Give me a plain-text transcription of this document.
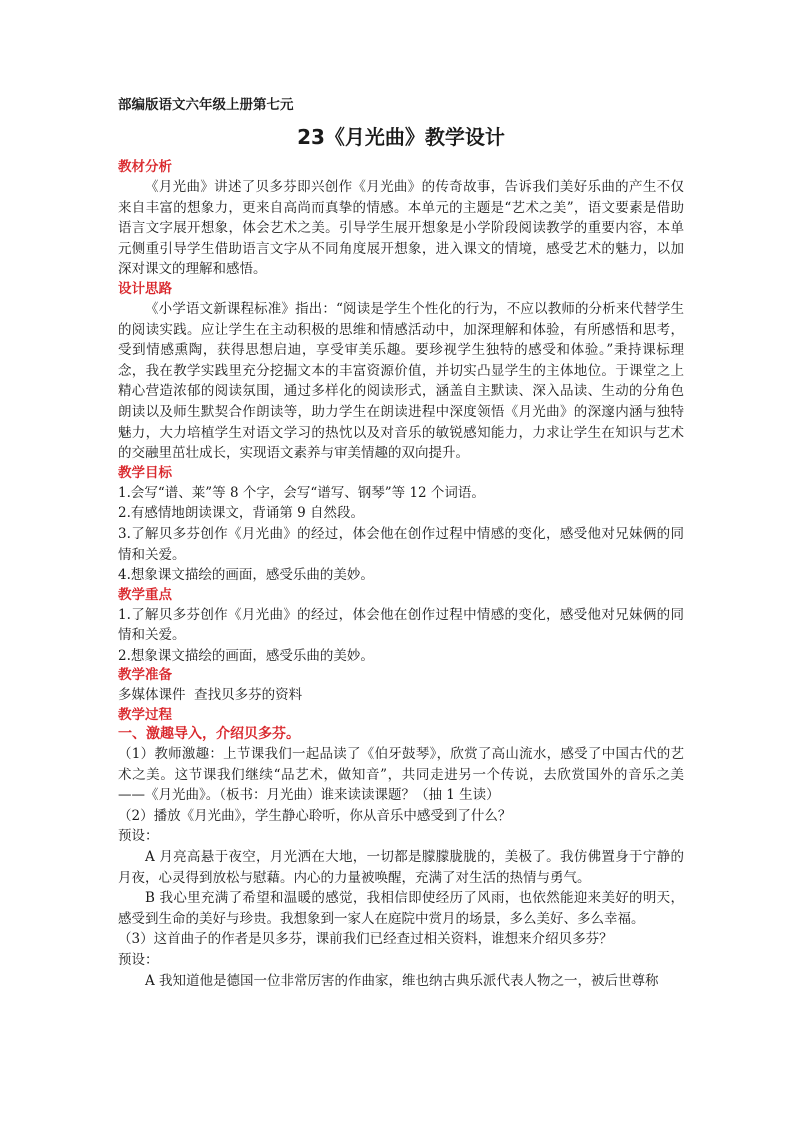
部编版语文六年级上册第七元
23《月光曲》教学设计
教材分析

《月光曲》讲述了贝多芬即兴创作《月光曲》的传奇故事，告诉我们美好乐曲的产生不仅来自丰富的想象力，更来自高尚而真挚的情感。本单元的主题是“艺术之美”，语文要素是借助语言文字展开想象，体会艺术之美。引导学生展开想象是小学阶段阅读教学的重要内容，本单元侧重引导学生借助语言文字从不同角度展开想象，进入课文的情境，感受艺术的魅力，以加深对课文的理解和感悟。

设计思路

《小学语文新课程标准》指出：“阅读是学生个性化的行为，不应以教师的分析来代替学生的阅读实践。应让学生在主动积极的思维和情感活动中，加深理解和体验，有所感悟和思考，受到情感熏陶，获得思想启迪，享受审美乐趣。要珍视学生独特的感受和体验。”秉持课标理念，我在教学实践里充分挖掘文本的丰富资源价值，并切实凸显学生的主体地位。于课堂之上精心营造浓郁的阅读氛围，通过多样化的阅读形式，涵盖自主默读、深入品读、生动的分角色朗读以及师生默契合作朗读等，助力学生在朗读进程中深度领悟《月光曲》的深邃内涵与独特魅力，大力培植学生对语文学习的热忱以及对音乐的敏锐感知能力，力求让学生在知识与艺术的交融里茁壮成长，实现语文素养与审美情趣的双向提升。

教学目标

1.会写“谱、莱”等 8 个字，会写“谱写、钢琴”等 12 个词语。

2.有感情地朗读课文，背诵第 9 自然段。

3.了解贝多芬创作《月光曲》的经过，体会他在创作过程中情感的变化，感受他对兄妹俩的同情和关爱。

4.想象课文描绘的画面，感受乐曲的美妙。

教学重点

1.了解贝多芬创作《月光曲》的经过，体会他在创作过程中情感的变化，感受他对兄妹俩的同情和关爱。

2.想象课文描绘的画面，感受乐曲的美妙。

教学准备

多媒体课件  查找贝多芬的资料

教学过程
一、激趣导入，介绍贝多芬。

（1）教师激趣：上节课我们一起品读了《伯牙鼓琴》，欣赏了高山流水，感受了中国古代的艺术之美。这节课我们继续“品艺术，做知音”，共同走进另一个传说，去欣赏国外的音乐之美——《月光曲》。（板书：月光曲）谁来读读课题？（抽 1 生读）

（2）播放《月光曲》，学生静心聆听，你从音乐中感受到了什么？

预设：

A 月亮高悬于夜空，月光洒在大地，一切都是朦朦胧胧的，美极了。我仿佛置身于宁静的月夜，心灵得到放松与慰藉。内心的力量被唤醒，充满了对生活的热情与勇气。

B 我心里充满了希望和温暖的感觉，我相信即使经历了风雨，也依然能迎来美好的明天，感受到生命的美好与珍贵。我想象到一家人在庭院中赏月的场景，多么美好、多么幸福。

（3）这首曲子的作者是贝多芬，课前我们已经查过相关资料，谁想来介绍贝多芬？

预设：

A 我知道他是德国一位非常厉害的作曲家，维也纳古典乐派代表人物之一，被后世尊称
